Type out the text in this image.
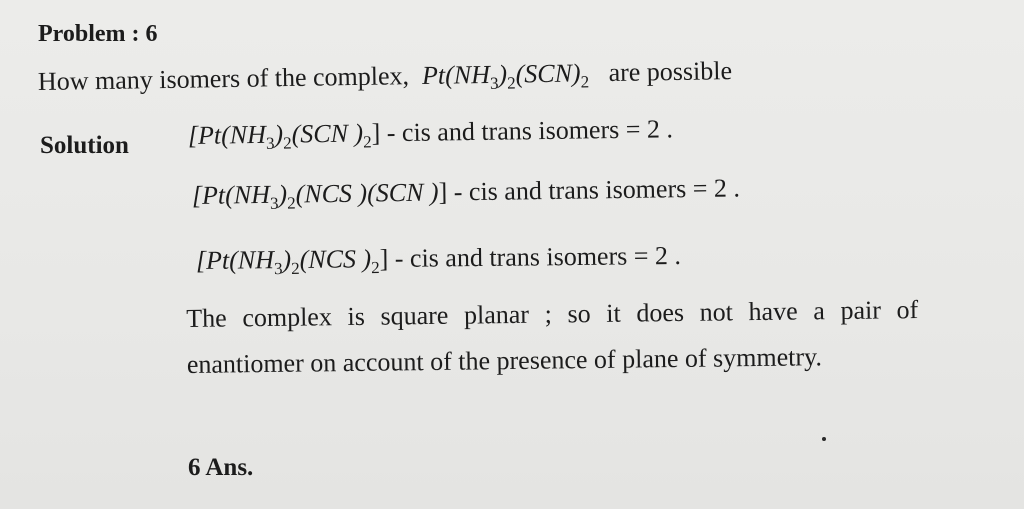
Problem : 6
How many isomers of the complex, $Pt(NH_3)_2(SCN)_2$ are possible
Solution [$Pt(NH_3)_2(SCN$ )$_2$] - cis and trans isomers = 2 .
[$Pt(NH_3)_2(NCS$ )(SCN )] - cis and trans isomers = 2 .
[$Pt(NH_3)_2(NCS$ )$_2$] - cis and trans isomers = 2 .
The complex is square planar ; so it does not have a pair of enantiomer on account of the presence of plane of symmetry.
6 Ans.
